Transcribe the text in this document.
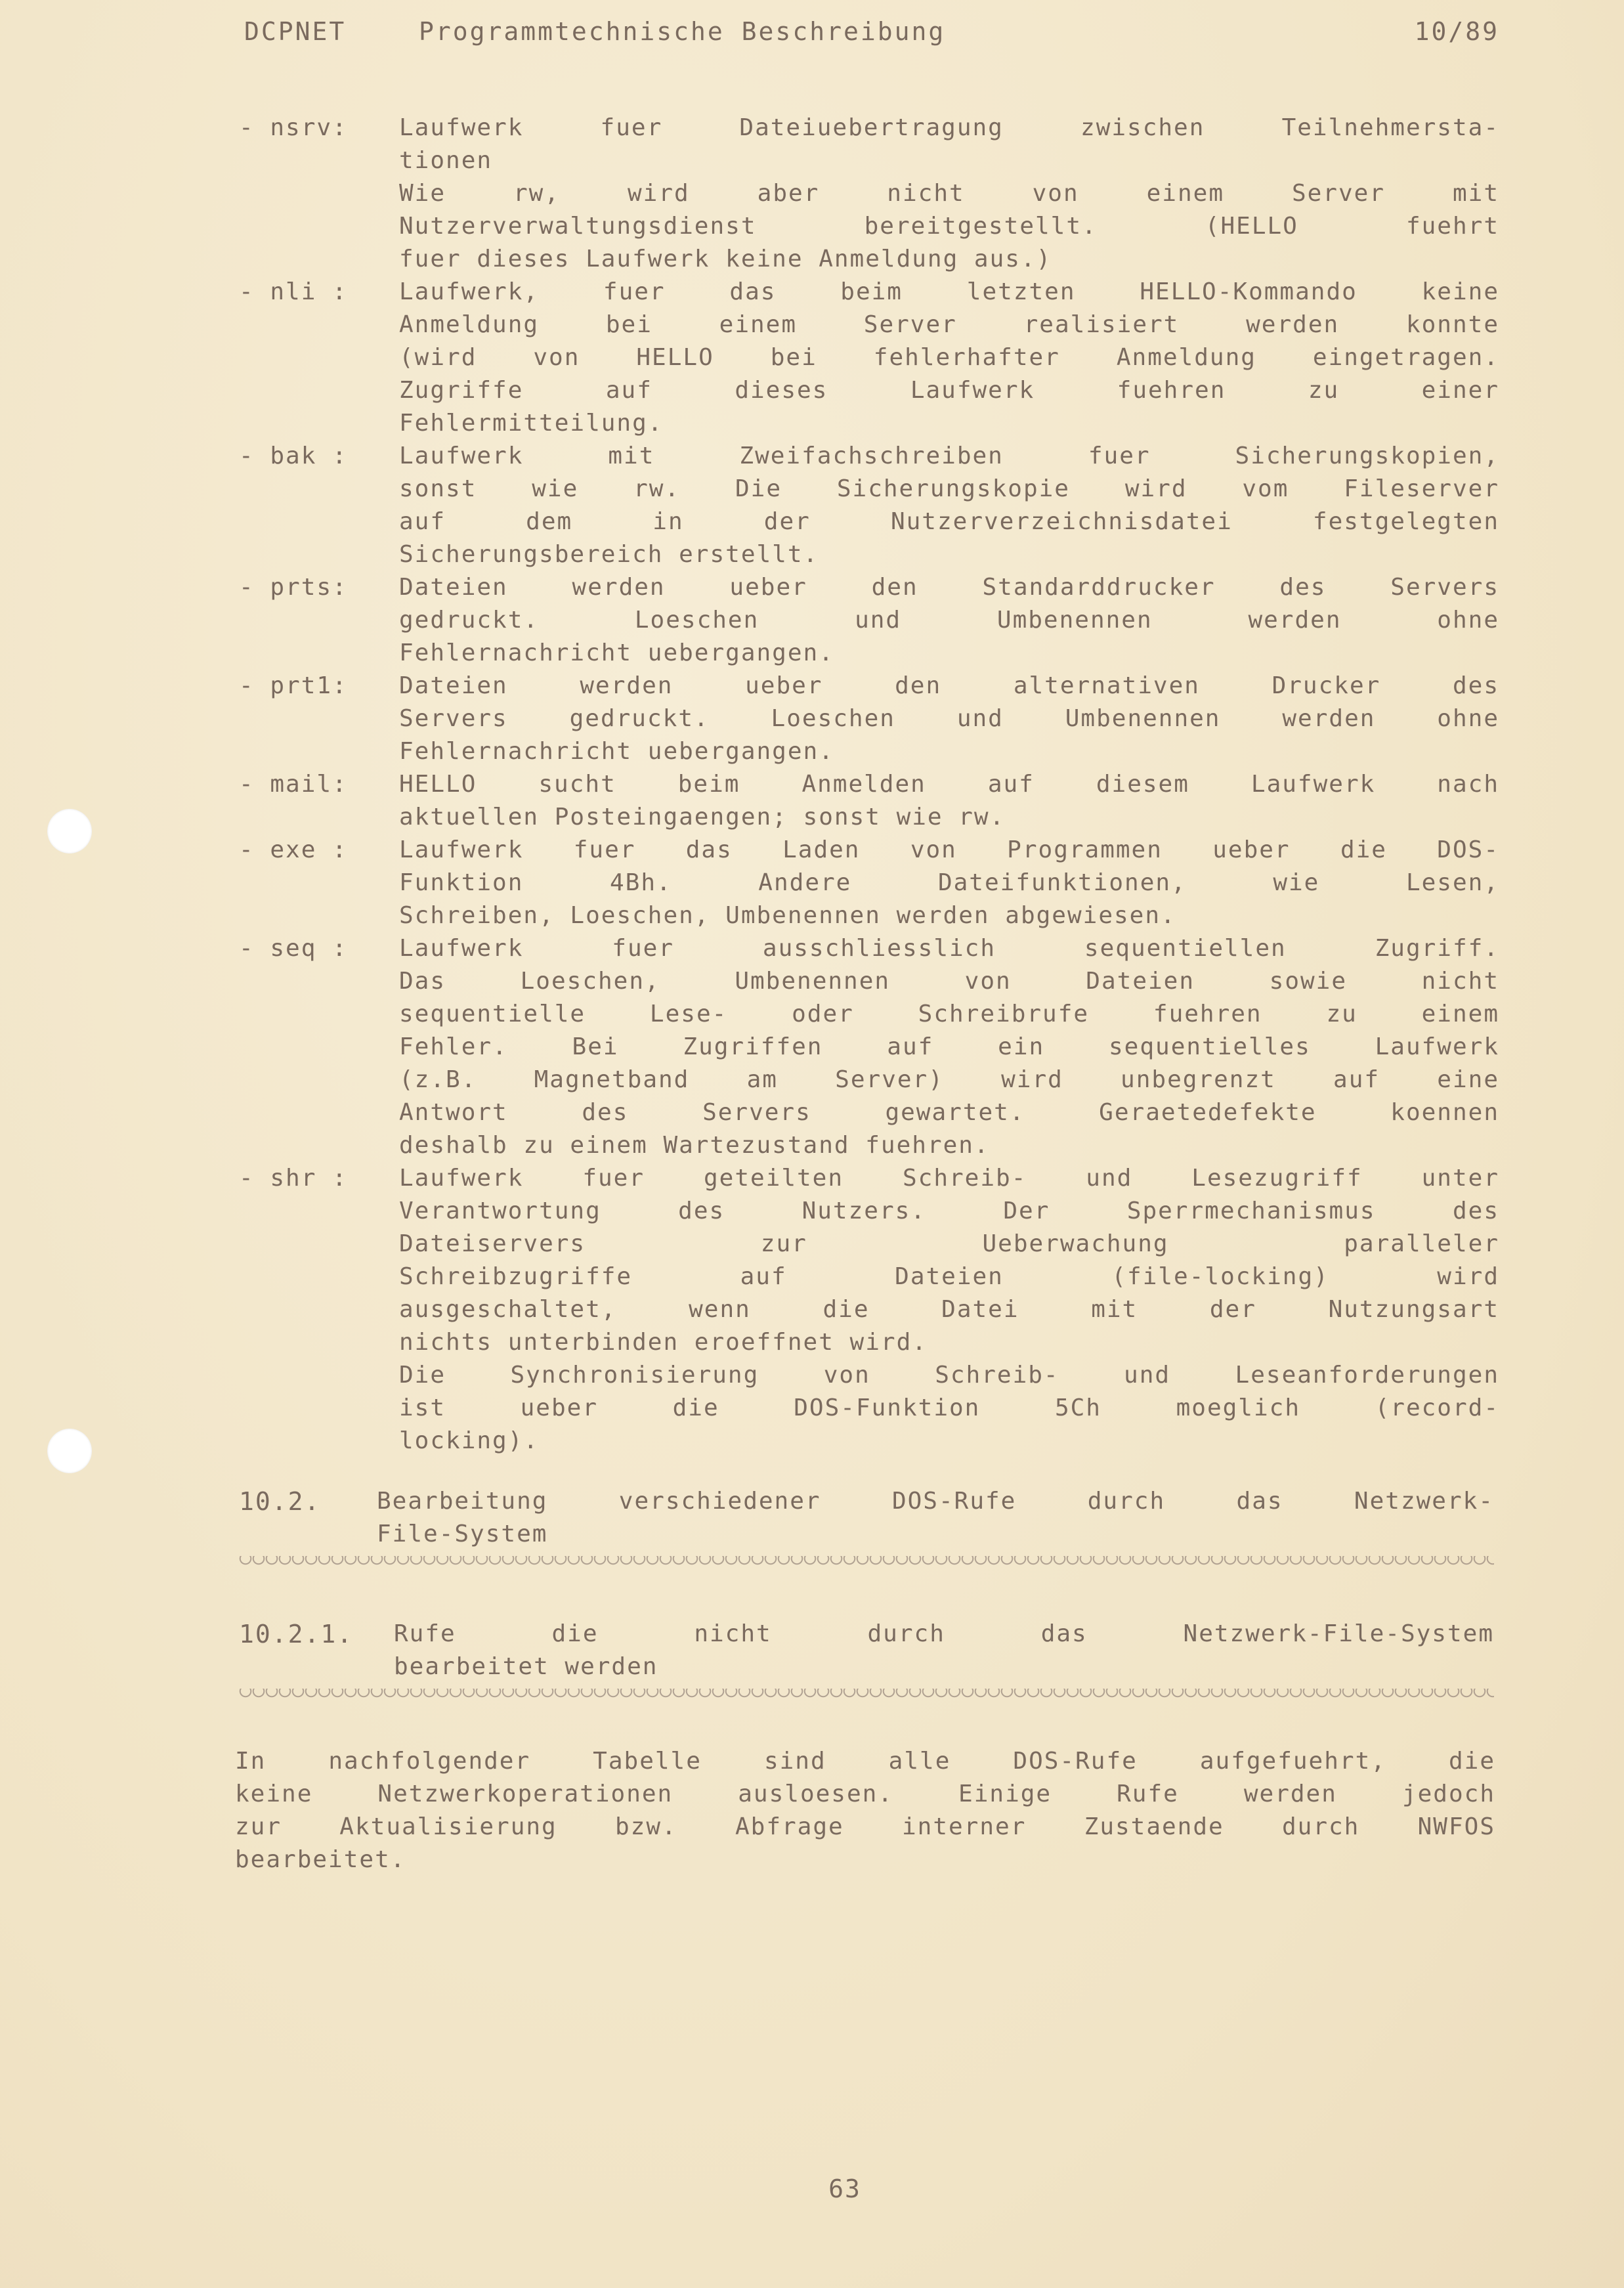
DCPNET	Programmtechnische Beschreibung	10/89
- nsrv:	Laufwerk fuer Dateiuebertragung zwischen Teilnehmersta-
tionen
Wie rw, wird aber nicht von einem Server mit
Nutzerverwaltungsdienst bereitgestellt. (HELLO fuehrt
fuer dieses Laufwerk keine Anmeldung aus.)
- nli :	Laufwerk, fuer das beim letzten HELLO-Kommando keine
Anmeldung bei einem Server realisiert werden konnte
(wird von HELLO bei fehlerhafter Anmeldung eingetragen.
Zugriffe auf dieses Laufwerk fuehren zu einer
Fehlermitteilung.
- bak :	Laufwerk mit Zweifachschreiben fuer Sicherungskopien,
sonst wie rw. Die Sicherungskopie wird vom Fileserver
auf dem in der Nutzerverzeichnisdatei festgelegten
Sicherungsbereich erstellt.
- prts:	Dateien werden ueber den Standarddrucker des Servers
gedruckt. Loeschen und Umbenennen werden ohne
Fehlernachricht uebergangen.
- prt1:	Dateien werden ueber den alternativen Drucker des
Servers gedruckt. Loeschen und Umbenennen werden ohne
Fehlernachricht uebergangen.
- mail:	HELLO sucht beim Anmelden auf diesem Laufwerk nach
aktuellen Posteingaengen; sonst wie rw.
- exe :	Laufwerk fuer das Laden von Programmen ueber die DOS-
Funktion 4Bh. Andere Dateifunktionen, wie Lesen,
Schreiben, Loeschen, Umbenennen werden abgewiesen.
- seq :	Laufwerk fuer ausschliesslich sequentiellen Zugriff.
Das Loeschen, Umbenennen von Dateien sowie nicht
sequentielle Lese- oder Schreibrufe fuehren zu einem
Fehler. Bei Zugriffen auf ein sequentielles Laufwerk
(z.B. Magnetband am Server) wird unbegrenzt auf eine
Antwort des Servers gewartet. Geraetedefekte koennen
deshalb zu einem Wartezustand fuehren.
- shr :	Laufwerk fuer geteilten Schreib- und Lesezugriff unter
Verantwortung des Nutzers. Der Sperrmechanismus des
Dateiservers zur Ueberwachung paralleler
Schreibzugriffe auf Dateien (file-locking) wird
ausgeschaltet, wenn die Datei mit der Nutzungsart
nichts unterbinden eroeffnet wird.
Die Synchronisierung von Schreib- und Leseanforderungen
ist ueber die DOS-Funktion 5Ch moeglich (record-
locking).
10.2. Bearbeitung verschiedener DOS-Rufe durch das Netzwerk-
File-System
10.2.1. Rufe die nicht durch das Netzwerk-File-System
bearbeitet werden
In nachfolgender Tabelle sind alle DOS-Rufe aufgefuehrt, die
keine Netzwerkoperationen ausloesen. Einige Rufe werden jedoch
zur Aktualisierung bzw. Abfrage interner Zustaende durch NWFOS
bearbeitet.
63
